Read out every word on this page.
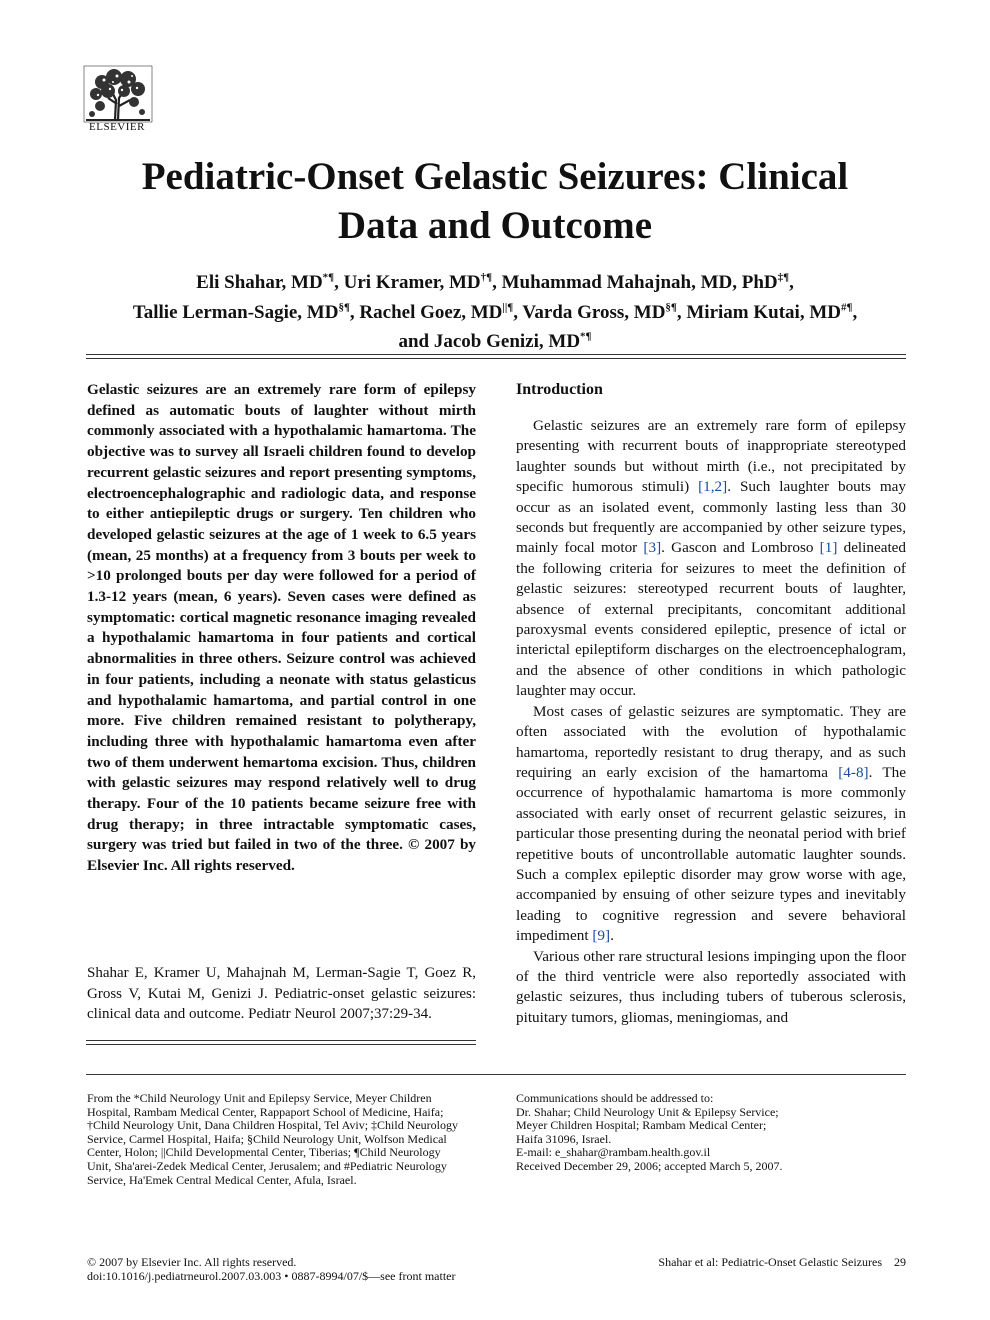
ELSEVIER
Pediatric-Onset Gelastic Seizures: Clinical
Data and Outcome
Eli Shahar, MD*¶, Uri Kramer, MD†¶, Muhammad Mahajnah, MD, PhD‡¶,
Tallie Lerman-Sagie, MD§¶, Rachel Goez, MD||¶, Varda Gross, MD§¶, Miriam Kutai, MD#¶,
and Jacob Genizi, MD*¶

Gelastic seizures are an extremely rare form of epilepsy defined as automatic bouts of laughter without mirth commonly associated with a hypothalamic hamartoma. The objective was to survey all Israeli children found to develop recurrent gelastic seizures and report presenting symptoms, electroencephalographic and radiologic data, and response to either antiepileptic drugs or surgery. Ten children who developed gelastic seizures at the age of 1 week to 6.5 years (mean, 25 months) at a frequency from 3 bouts per week to >10 prolonged bouts per day were followed for a period of 1.3-12 years (mean, 6 years). Seven cases were defined as symptomatic: cortical magnetic resonance imaging revealed a hypothalamic hamartoma in four patients and cortical abnormalities in three others. Seizure control was achieved in four patients, including a neonate with status gelasticus and hypothalamic hamartoma, and partial control in one more. Five children remained resistant to polytherapy, including three with hypothalamic hamartoma even after two of them underwent hemartoma excision. Thus, children with gelastic seizures may respond relatively well to drug therapy. Four of the 10 patients became seizure free with drug therapy; in three intractable symptomatic cases, surgery was tried but failed in two of the three. © 2007 by Elsevier Inc. All rights reserved.

Shahar E, Kramer U, Mahajnah M, Lerman-Sagie T, Goez R, Gross V, Kutai M, Genizi J. Pediatric-onset gelastic seizures: clinical data and outcome. Pediatr Neurol 2007;37:29-34.

Introduction

Gelastic seizures are an extremely rare form of epilepsy presenting with recurrent bouts of inappropriate stereotyped laughter sounds but without mirth (i.e., not precipitated by specific humorous stimuli) [1,2]. Such laughter bouts may occur as an isolated event, commonly lasting less than 30 seconds but frequently are accompanied by other seizure types, mainly focal motor [3]. Gascon and Lombroso [1] delineated the following criteria for seizures to meet the definition of gelastic seizures: stereotyped recurrent bouts of laughter, absence of external precipitants, concomitant additional paroxysmal events considered epileptic, presence of ictal or interictal epileptiform discharges on the electroencephalogram, and the absence of other conditions in which pathologic laughter may occur.

Most cases of gelastic seizures are symptomatic. They are often associated with the evolution of hypothalamic hamartoma, reportedly resistant to drug therapy, and as such requiring an early excision of the hamartoma [4-8]. The occurrence of hypothalamic hamartoma is more commonly associated with early onset of recurrent gelastic seizures, in particular those presenting during the neonatal period with brief repetitive bouts of uncontrollable automatic laughter sounds. Such a complex epileptic disorder may grow worse with age, accompanied by ensuing of other seizure types and inevitably leading to cognitive regression and severe behavioral impediment [9].

Various other rare structural lesions impinging upon the floor of the third ventricle were also reportedly associated with gelastic seizures, thus including tubers of tuberous sclerosis, pituitary tumors, gliomas, meningiomas, and

From the *Child Neurology Unit and Epilepsy Service, Meyer Children Hospital, Rambam Medical Center, Rappaport School of Medicine, Haifa; †Child Neurology Unit, Dana Children Hospital, Tel Aviv; ‡Child Neurology Service, Carmel Hospital, Haifa; §Child Neurology Unit, Wolfson Medical Center, Holon; ||Child Developmental Center, Tiberias; ¶Child Neurology Unit, Sha'arei-Zedek Medical Center, Jerusalem; and #Pediatric Neurology Service, Ha'Emek Central Medical Center, Afula, Israel.

Communications should be addressed to:
Dr. Shahar; Child Neurology Unit & Epilepsy Service;
Meyer Children Hospital; Rambam Medical Center;
Haifa 31096, Israel.
E-mail: e_shahar@rambam.health.gov.il
Received December 29, 2006; accepted March 5, 2007.
© 2007 by Elsevier Inc. All rights reserved.
doi:10.1016/j.pediatrneurol.2007.03.003 • 0887-8994/07/$—see front matter
Shahar et al: Pediatric-Onset Gelastic Seizures 29
